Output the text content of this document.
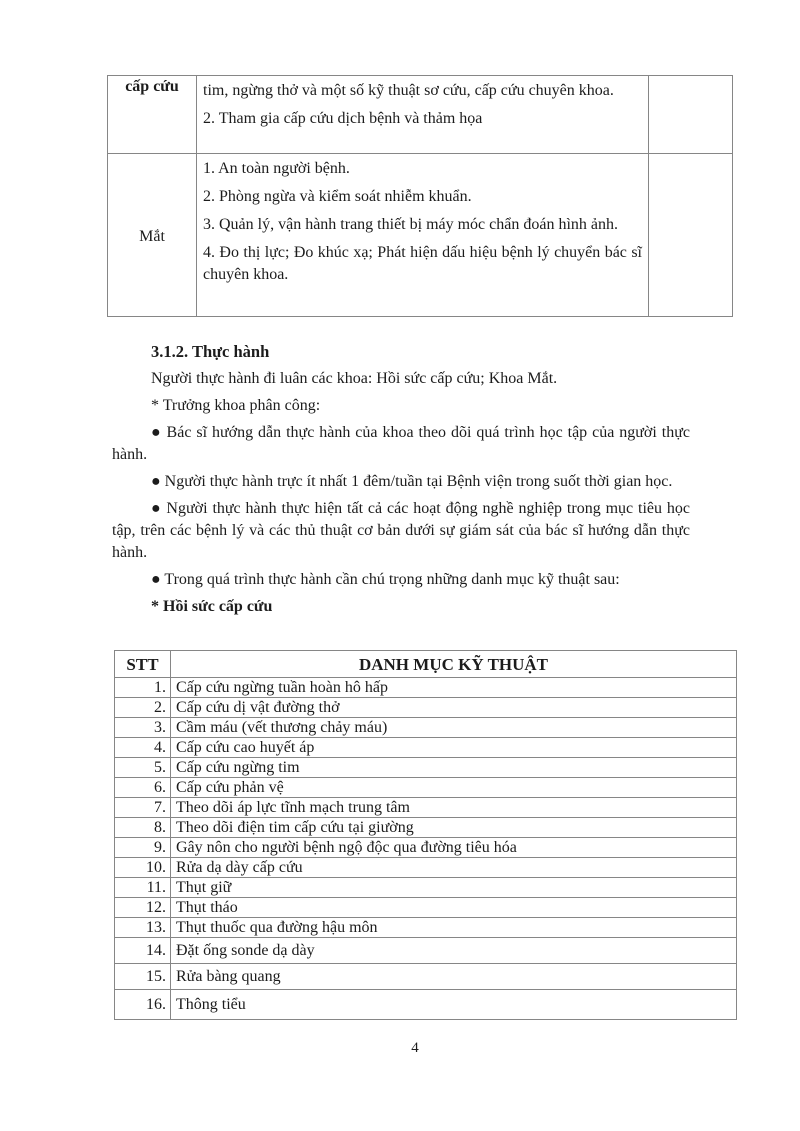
cấp cứu	tim, ngừng thở và một số kỹ thuật sơ cứu, cấp cứu chuyên khoa.

2. Tham gia cấp cứu dịch bệnh và thảm họa	

Mắt	1. An toàn người bệnh.

2. Phòng ngừa và kiểm soát nhiễm khuẩn.

3. Quản lý, vận hành trang thiết bị máy móc chẩn đoán hình ảnh.

4. Đo thị lực; Đo khúc xạ; Phát hiện dấu hiệu bệnh lý chuyển bác sĩ chuyên khoa.	

3.1.2. Thực hành

Người thực hành đi luân các khoa: Hồi sức cấp cứu; Khoa Mắt.

* Trưởng khoa phân công:

● Bác sĩ hướng dẫn thực hành của khoa theo dõi quá trình học tập của người thực hành.

● Người thực hành trực ít nhất 1 đêm/tuần tại Bệnh viện trong suốt thời gian học.

● Người thực hành thực hiện tất cả các hoạt động nghề nghiệp trong mục tiêu học tập, trên các bệnh lý và các thủ thuật cơ bản dưới sự giám sát của bác sĩ hướng dẫn thực hành.

● Trong quá trình thực hành cần chú trọng những danh mục kỹ thuật sau:

* Hồi sức cấp cứu

STT	DANH MỤC KỸ THUẬT
1.	Cấp cứu ngừng tuần hoàn hô hấp
2.	Cấp cứu dị vật đường thở
3.	Cầm máu (vết thương chảy máu)
4.	Cấp cứu cao huyết áp
5.	Cấp cứu ngừng tim
6.	Cấp cứu phản vệ
7.	Theo dõi áp lực tĩnh mạch trung tâm
8.	Theo dõi điện tim cấp cứu tại giường
9.	Gây nôn cho người bệnh ngộ độc qua đường tiêu hóa
10.	Rửa dạ dày cấp cứu
11.	Thụt giữ
12.	Thụt tháo
13.	Thụt thuốc qua đường hậu môn
14.	Đặt ống sonde dạ dày
15.	Rửa bàng quang
16.	Thông tiểu
4
